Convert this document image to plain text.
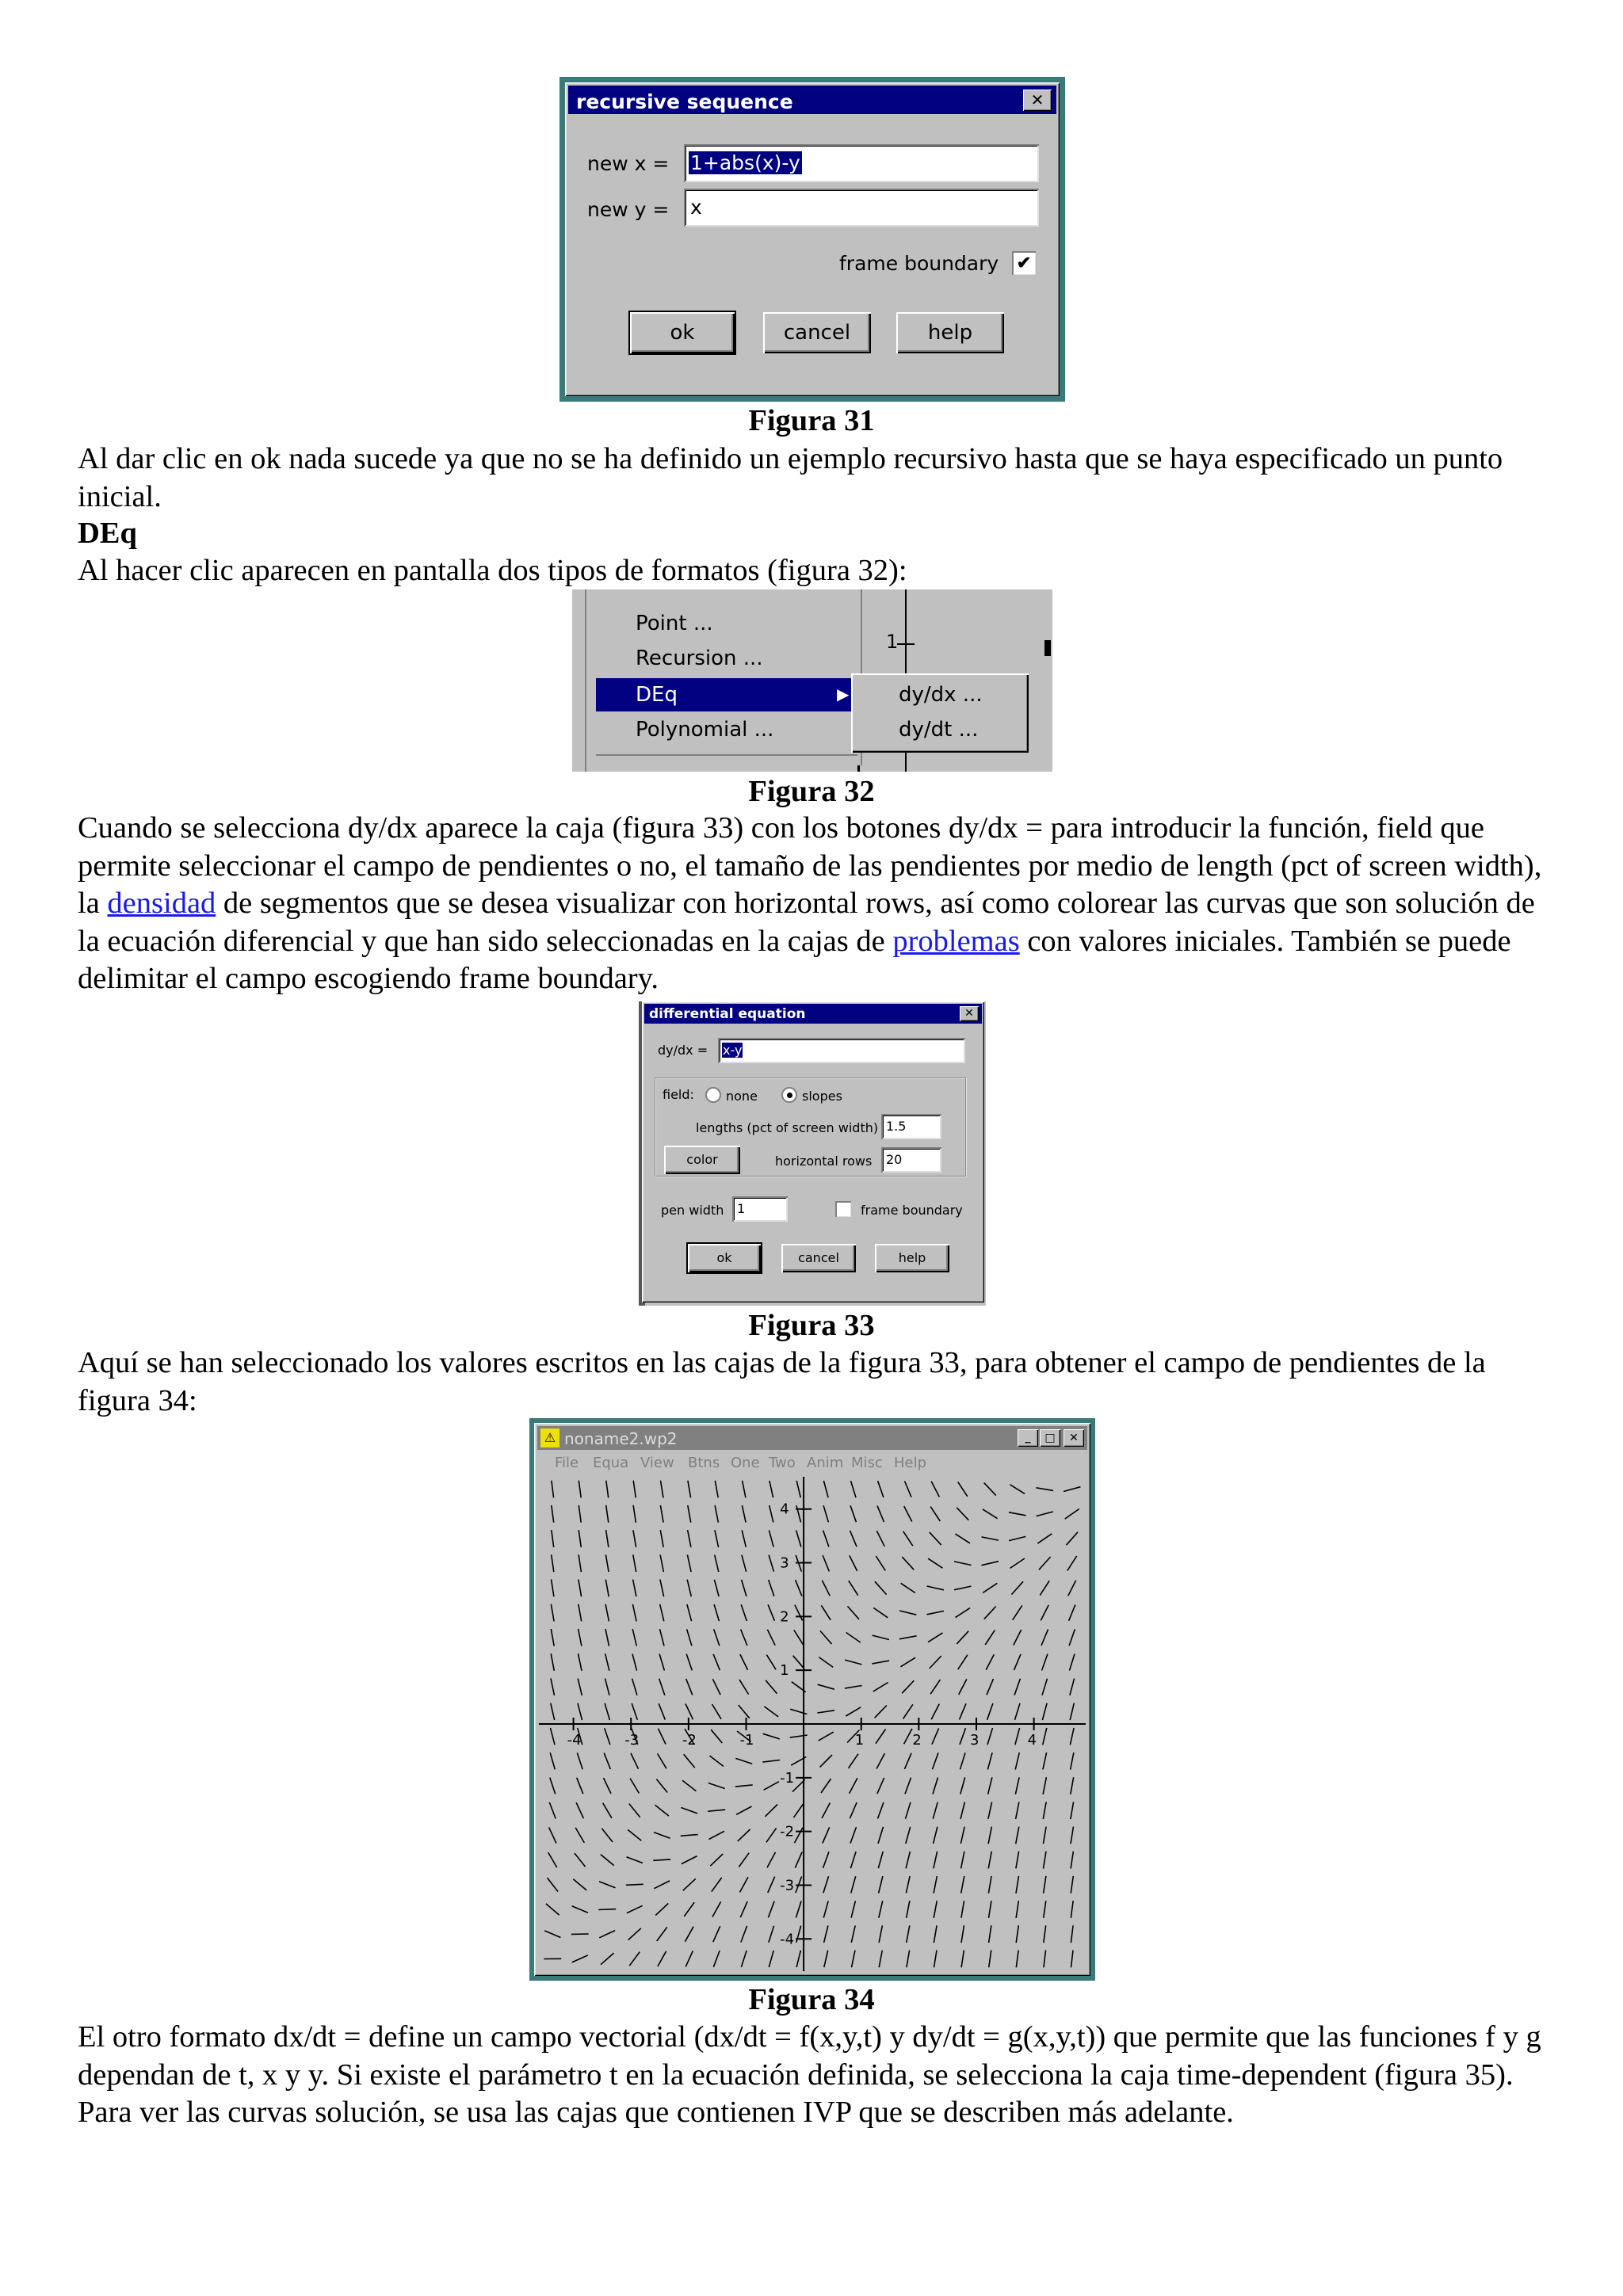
recursive sequence	✕
new x = 1+abs(x)-y
new y = x
frame boundary ✔
ok	cancel	help
Figura 31
Al dar clic en ok nada sucede ya que no se ha definido un ejemplo recursivo hasta que se haya especificado un punto inicial.
DEq
Al hacer clic aparecen en pantalla dos tipos de formatos (figura 32):
1
Point ...
Recursion ...
DEq	▶
Polynomial ...
dy/dx ...
dy/dt ...
Figura 32
Cuando se selecciona dy/dx aparece la caja (figura 33) con los botones dy/dx = para introducir la función, field que permite seleccionar el campo de pendientes o no, el tamaño de las pendientes por medio de length (pct of screen width), la densidad de segmentos que se desea visualizar con horizontal rows, así como colorear las curvas que son solución de la ecuación diferencial y que han sido seleccionadas en la cajas de problemas con valores iniciales. También se puede delimitar el campo escogiendo frame boundary.
differential equation	✕
dy/dx = x-y
field:	none	slopes
lengths (pct of screen width) 1.5
color	horizontal rows 20
pen width 1	frame boundary
ok	cancel	help
Figura 33
Aquí se han seleccionado los valores escritos en las cajas de la figura 33, para obtener el campo de pendientes de la figura 34:
⚠ noname2.wp2	_	□	✕
File Equa View Btns One Two Anim Misc Help
-4	-3	-2	-1	1	2	3	4
-4
-3
-2
-1
1
2
3
4
Figura 34
El otro formato dx/dt = define un campo vectorial (dx/dt = f(x,y,t) y dy/dt = g(x,y,t)) que permite que las funciones f y g dependan de t, x y y. Si existe el parámetro t en la ecuación definida, se selecciona la caja time-dependent (figura 35). Para ver las curvas solución, se usa las cajas que contienen IVP que se describen más adelante.
